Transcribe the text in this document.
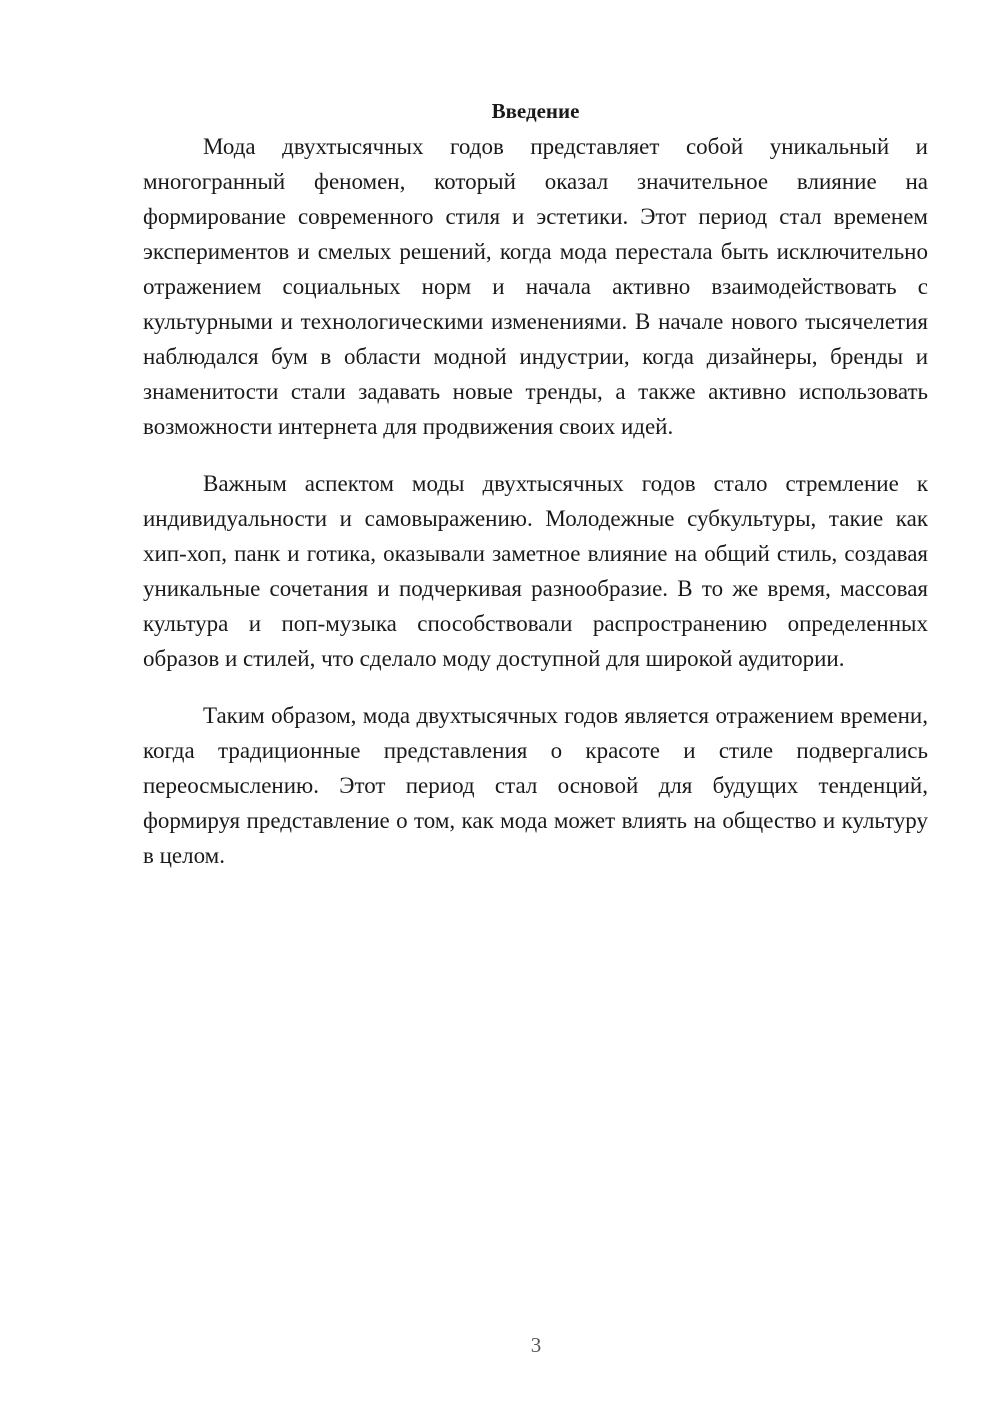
Введение

Мода двухтысячных годов представляет собой уникальный и многогранный феномен, который оказал значительное влияние на формирование современного стиля и эстетики. Этот период стал временем экспериментов и смелых решений, когда мода перестала быть исключительно отражением социальных норм и начала активно взаимодействовать с культурными и технологическими изменениями. В начале нового тысячелетия наблюдался бум в области модной индустрии, когда дизайнеры, бренды и знаменитости стали задавать новые тренды, а также активно использовать возможности интернета для продвижения своих идей.

Важным аспектом моды двухтысячных годов стало стремление к индивидуальности и самовыражению. Молодежные субкультуры, такие как хип-хоп, панк и готика, оказывали заметное влияние на общий стиль, создавая уникальные сочетания и подчеркивая разнообразие. В то же время, массовая культура и поп-музыка способствовали распространению определенных образов и стилей, что сделало моду доступной для широкой аудитории.

Таким образом, мода двухтысячных годов является отражением времени, когда традиционные представления о красоте и стиле подвергались переосмыслению. Этот период стал основой для будущих тенденций, формируя представление о том, как мода может влиять на общество и культуру в целом.

3
